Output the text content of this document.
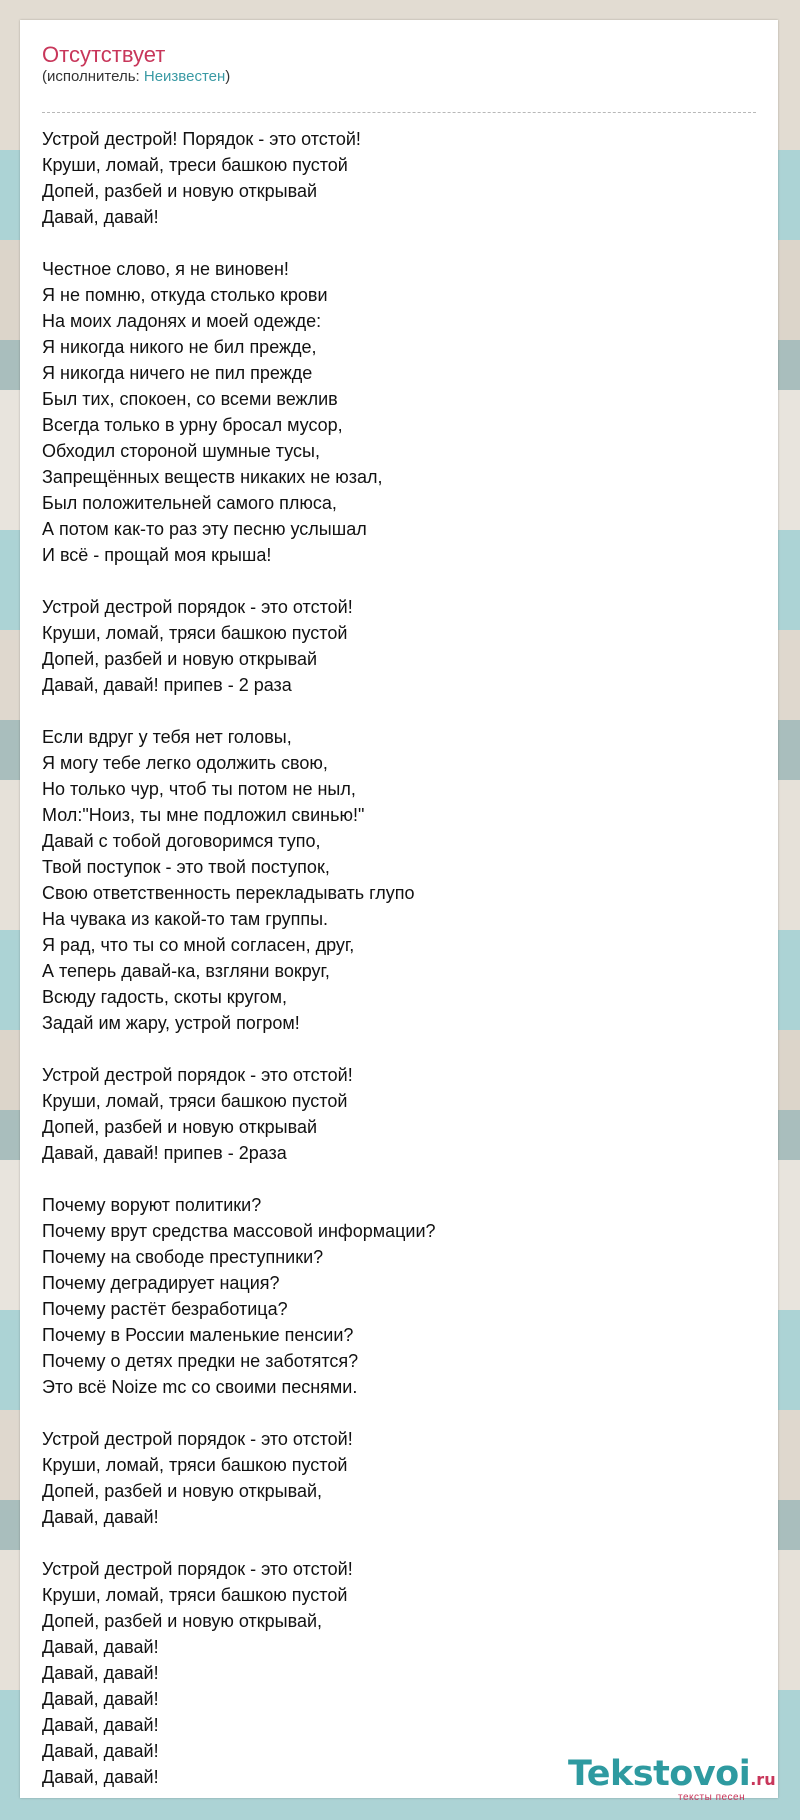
Отсутствует
(исполнитель: Неизвестен)
Устрой дестрой! Порядок - это отстой!
Круши, ломай, треси башкою пустой
Допей, разбей и новую открывай
Давай, давай!
Честное слово, я не виновен!
Я не помню, откуда столько крови
На моих ладонях и моей одежде:
Я никогда никого не бил прежде,
Я никогда ничего не пил прежде
Был тих, спокоен, со всеми вежлив
Всегда только в урну бросал мусор,
Обходил стороной шумные тусы,
Запрещённых веществ никаких не юзал,
Был положительней самого плюса,
А потом как-то раз эту песню услышал
И всё - прощай моя крыша!
Устрой дестрой порядок - это отстой!
Круши, ломай, тряси башкою пустой
Допей, разбей и новую открывай
Давай, давай! припев - 2 раза
Если вдруг у тебя нет головы,
Я могу тебе легко одолжить свою,
Но только чур, чтоб ты потом не ныл,
Мол:"Нoиз, ты мне подложил свинью!"
Давай с тобой договоримся тупо,
Твой поступок - это твой поступок,
Свою ответственность перекладывать глупо
На чувака из какой-то там группы.
Я рад, что ты со мной согласен, друг,
А теперь давай-ка, взгляни вокруг,
Всюду гадость, скоты кругом,
Задай им жару, устрой погром!
Устрой дестрой порядок - это отстой!
Круши, ломай, тряси башкою пустой
Допей, разбей и новую открывай
Давай, давай! припев - 2раза
Почему воруют политики?
Почему врут средства массовой информации?
Почему на свободе преступники?
Почему деградирует нация?
Почему растёт безработица?
Почему в России маленькие пенсии?
Почему о детях предки не заботятся?
Это всё Noize mc со своими песнями.
Устрой дестрой порядок - это отстой!
Круши, ломай, тряси башкою пустой
Допей, разбей и новую открывай,
Давай, давай!
Устрой дестрой порядок - это отстой!
Круши, ломай, тряси башкою пустой
Допей, разбей и новую открывай,
Давай, давай!
Давай, давай!
Давай, давай!
Давай, давай!
Давай, давай!
Давай, давай!	Tekstovoi.ru
тексты песен
